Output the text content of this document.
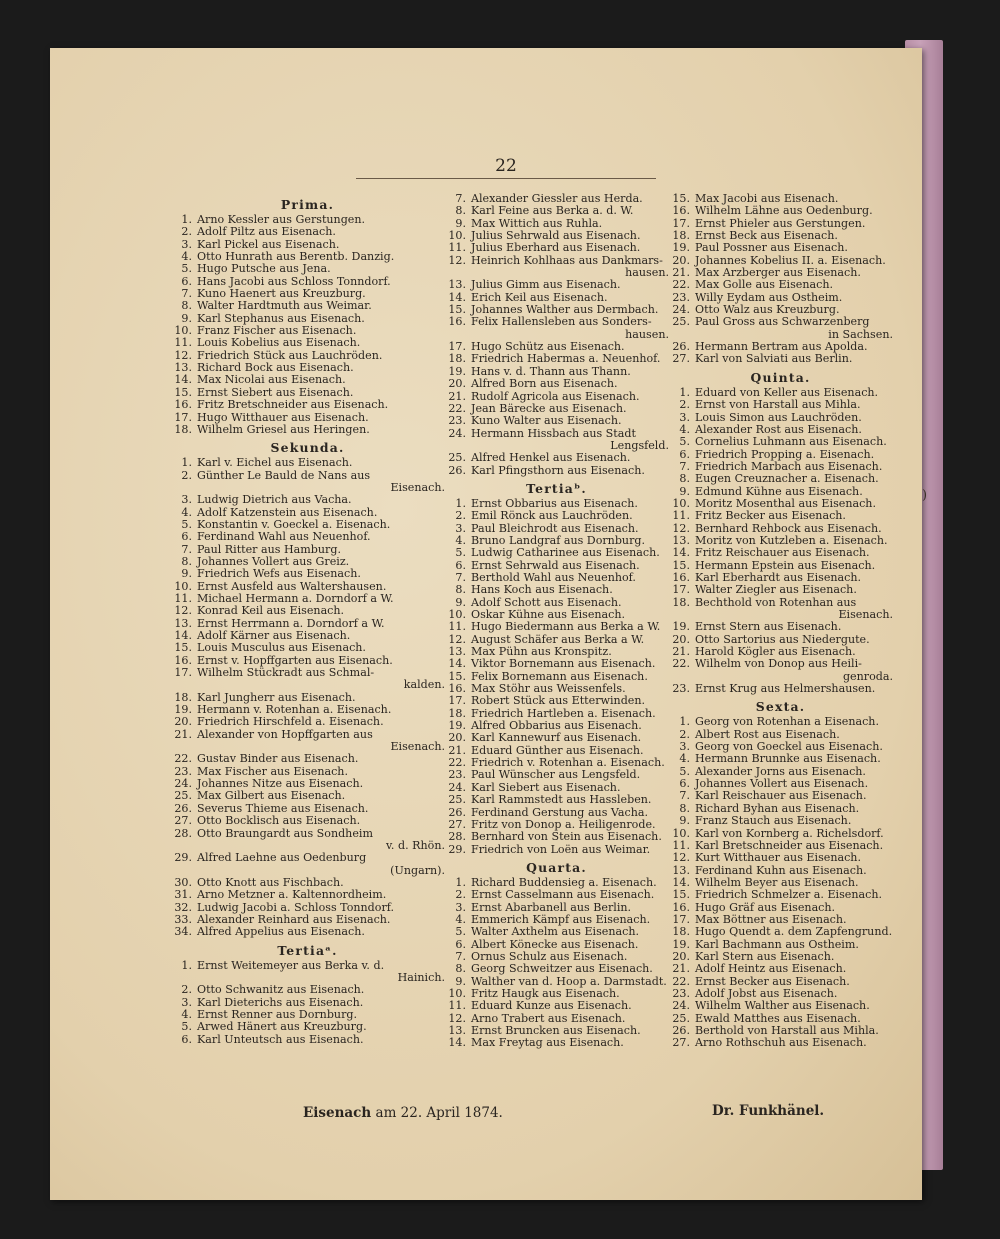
22
Prima.
1. Arno Kessler aus Gerstungen.
2. Adolf Piltz aus Eisenach.
3. Karl Pickel aus Eisenach.
4. Otto Hunrath aus Berentb. Danzig.
5. Hugo Putsche aus Jena.
6. Hans Jacobi aus Schloss Tonndorf.
7. Kuno Haenert aus Kreuzburg.
8. Walter Hardtmuth aus Weimar.
9. Karl Stephanus aus Eisenach.
10. Franz Fischer aus Eisenach.
11. Louis Kobelius aus Eisenach.
12. Friedrich Stück aus Lauchröden.
13. Richard Bock aus Eisenach.
14. Max Nicolai aus Eisenach.
15. Ernst Siebert aus Eisenach.
16. Fritz Bretschneider aus Eisenach.
17. Hugo Witthauer aus Eisenach.
18. Wilhelm Griesel aus Heringen.
Sekunda.
1. Karl v. Eichel aus Eisenach.
2. Günther Le Bauld de Nans aus
Eisenach.
3. Ludwig Dietrich aus Vacha.
4. Adolf Katzenstein aus Eisenach.
5. Konstantin v. Goeckel a. Eisenach.
6. Ferdinand Wahl aus Neuenhof.
7. Paul Ritter aus Hamburg.
8. Johannes Vollert aus Greiz.
9. Friedrich Wefs aus Eisenach.
10. Ernst Ausfeld aus Waltershausen.
11. Michael Hermann a. Dorndorf a W.
12. Konrad Keil aus Eisenach.
13. Ernst Herrmann a. Dorndorf a W.
14. Adolf Kärner aus Eisenach.
15. Louis Musculus aus Eisenach.
16. Ernst v. Hopffgarten aus Eisenach.
17. Wilhelm Stückradt aus Schmal-
kalden.
18. Karl Jungherr aus Eisenach.
19. Hermann v. Rotenhan a. Eisenach.
20. Friedrich Hirschfeld a. Eisenach.
21. Alexander von Hopffgarten aus
Eisenach.
22. Gustav Binder aus Eisenach.
23. Max Fischer aus Eisenach.
24. Johannes Nitze aus Eisenach.
25. Max Gilbert aus Eisenach.
26. Severus Thieme aus Eisenach.
27. Otto Bocklisch aus Eisenach.
28. Otto Braungardt aus Sondheim
v. d. Rhön.
29. Alfred Laehne aus Oedenburg
(Ungarn).
30. Otto Knott aus Fischbach.
31. Arno Metzner a. Kaltennordheim.
32. Ludwig Jacobi a. Schloss Tonndorf.
33. Alexander Reinhard aus Eisenach.
34. Alfred Appelius aus Eisenach.
Tertiaᵃ.
1. Ernst Weitemeyer aus Berka v. d.
Hainich.
2. Otto Schwanitz aus Eisenach.
3. Karl Dieterichs aus Eisenach.
4. Ernst Renner aus Dornburg.
5. Arwed Hänert aus Kreuzburg.
6. Karl Unteutsch aus Eisenach.
7. Alexander Giessler aus Herda.
8. Karl Feine aus Berka a. d. W.
9. Max Wittich aus Ruhla.
10. Julius Sehrwald aus Eisenach.
11. Julius Eberhard aus Eisenach.
12. Heinrich Kohlhaas aus Dankmars-
hausen.
13. Julius Gimm aus Eisenach.
14. Erich Keil aus Eisenach.
15. Johannes Walther aus Dermbach.
16. Felix Hallensleben aus Sonders-
hausen.
17. Hugo Schütz aus Eisenach.
18. Friedrich Habermas a. Neuenhof.
19. Hans v. d. Thann aus Thann.
20. Alfred Born aus Eisenach.
21. Rudolf Agricola aus Eisenach.
22. Jean Bärecke aus Eisenach.
23. Kuno Walter aus Eisenach.
24. Hermann Hissbach aus Stadt
Lengsfeld.
25. Alfred Henkel aus Eisenach.
26. Karl Pfingsthorn aus Eisenach.
Tertiaᵇ.
1. Ernst Obbarius aus Eisenach.
2. Emil Rönck aus Lauchröden.
3. Paul Bleichrodt aus Eisenach.
4. Bruno Landgraf aus Dornburg.
5. Ludwig Catharinee aus Eisenach.
6. Ernst Sehrwald aus Eisenach.
7. Berthold Wahl aus Neuenhof.
8. Hans Koch aus Eisenach.
9. Adolf Schott aus Eisenach.
10. Oskar Kühne aus Eisenach.
11. Hugo Biedermann aus Berka a W.
12. August Schäfer aus Berka a W.
13. Max Pühn aus Kronspitz.
14. Viktor Bornemann aus Eisenach.
15. Felix Bornemann aus Eisenach.
16. Max Stöhr aus Weissenfels.
17. Robert Stück aus Etterwinden.
18. Friedrich Hartleben a. Eisenach.
19. Alfred Obbarius aus Eisenach.
20. Karl Kannewurf aus Eisenach.
21. Eduard Günther aus Eisenach.
22. Friedrich v. Rotenhan a. Eisenach.
23. Paul Wünscher aus Lengsfeld.
24. Karl Siebert aus Eisenach.
25. Karl Rammstedt aus Hassleben.
26. Ferdinand Gerstung aus Vacha.
27. Fritz von Donop a. Heiligenrode.
28. Bernhard von Stein aus Eisenach.
29. Friedrich von Loën aus Weimar.
Quarta.
1. Richard Buddensieg a. Eisenach.
2. Ernst Casselmann aus Eisenach.
3. Ernst Abarbanell aus Berlin.
4. Emmerich Kämpf aus Eisenach.
5. Walter Axthelm aus Eisenach.
6. Albert Könecke aus Eisenach.
7. Ornus Schulz aus Eisenach.
8. Georg Schweitzer aus Eisenach.
9. Walther van d. Hoop a. Darmstadt.
10. Fritz Haugk aus Eisenach.
11. Eduard Kunze aus Eisenach.
12. Arno Trabert aus Eisenach.
13. Ernst Bruncken aus Eisenach.
14. Max Freytag aus Eisenach.
15. Max Jacobi aus Eisenach.
16. Wilhelm Lähne aus Oedenburg.
17. Ernst Phieler aus Gerstungen.
18. Ernst Beck aus Eisenach.
19. Paul Possner aus Eisenach.
20. Johannes Kobelius II. a. Eisenach.
21. Max Arzberger aus Eisenach.
22. Max Golle aus Eisenach.
23. Willy Eydam aus Ostheim.
24. Otto Walz aus Kreuzburg.
25. Paul Gross aus Schwarzenberg
in Sachsen.
26. Hermann Bertram aus Apolda.
27. Karl von Salviati aus Berlin.
Quinta.
1. Eduard von Keller aus Eisenach.
2. Ernst von Harstall aus Mihla.
3. Louis Simon aus Lauchröden.
4. Alexander Rost aus Eisenach.
5. Cornelius Luhmann aus Eisenach.
6. Friedrich Propping a. Eisenach.
7. Friedrich Marbach aus Eisenach.
8. Eugen Creuznacher a. Eisenach.
9. Edmund Kühne aus Eisenach.
10. Moritz Mosenthal aus Eisenach.
11. Fritz Becker aus Eisenach.
12. Bernhard Rehbock aus Eisenach.
13. Moritz von Kutzleben a. Eisenach.
14. Fritz Reischauer aus Eisenach.
15. Hermann Epstein aus Eisenach.
16. Karl Eberhardt aus Eisenach.
17. Walter Ziegler aus Eisenach.
18. Bechthold von Rotenhan aus
Eisenach.
19. Ernst Stern aus Eisenach.
20. Otto Sartorius aus Niedergute.
21. Harold Kögler aus Eisenach.
22. Wilhelm von Donop aus Heili-
genroda.
23. Ernst Krug aus Helmershausen.
Sexta.
1. Georg von Rotenhan a Eisenach.
2. Albert Rost aus Eisenach.
3. Georg von Goeckel aus Eisenach.
4. Hermann Brunnke aus Eisenach.
5. Alexander Jorns aus Eisenach.
6. Johannes Vollert aus Eisenach.
7. Karl Reischauer aus Eisenach.
8. Richard Byhan aus Eisenach.
9. Franz Stauch aus Eisenach.
10. Karl von Kornberg a. Richelsdorf.
11. Karl Bretschneider aus Eisenach.
12. Kurt Witthauer aus Eisenach.
13. Ferdinand Kuhn aus Eisenach.
14. Wilhelm Beyer aus Eisenach.
15. Friedrich Schmelzer a. Eisenach.
16. Hugo Gräf aus Eisenach.
17. Max Böttner aus Eisenach.
18. Hugo Quendt a. dem Zapfengrund.
19. Karl Bachmann aus Ostheim.
20. Karl Stern aus Eisenach.
21. Adolf Heintz aus Eisenach.
22. Ernst Becker aus Eisenach.
23. Adolf Jobst aus Eisenach.
24. Wilhelm Walther aus Eisenach.
25. Ewald Matthes aus Eisenach.
26. Berthold von Harstall aus Mihla.
27. Arno Rothschuh aus Eisenach.
Eisenach am 22. April 1874.	Dr. Funkhänel.
)
